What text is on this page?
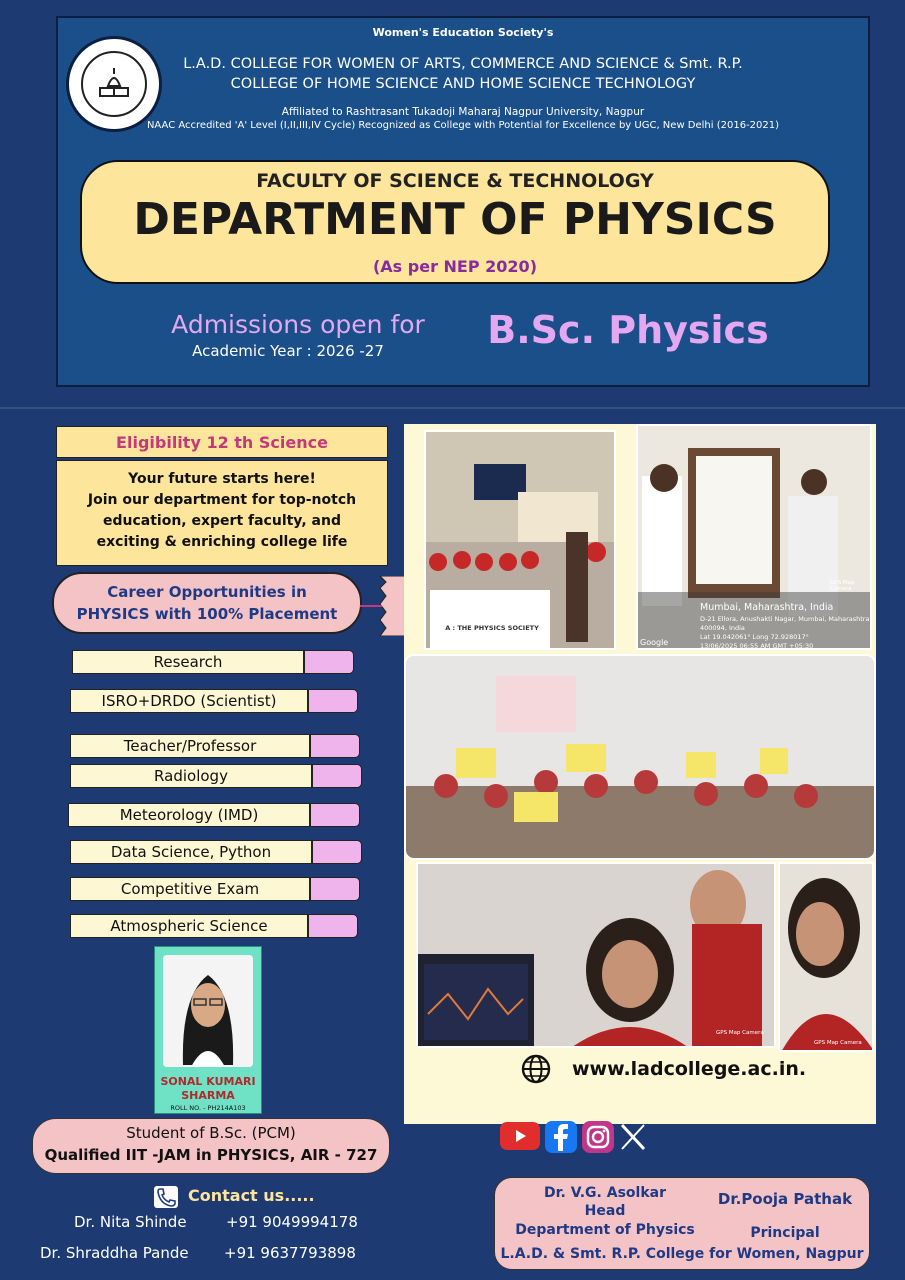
Women's Education Society's
L.A.D. COLLEGE FOR WOMEN OF ARTS, COMMERCE AND SCIENCE & Smt. R.P.
COLLEGE OF HOME SCIENCE AND HOME SCIENCE TECHNOLOGY
Affiliated to Rashtrasant Tukadoji Maharaj Nagpur University, Nagpur
NAAC Accredited 'A' Level (I,II,III,IV Cycle) Recognized as College with Potential for Excellence by UGC, New Delhi (2016-2021)
Admissions open for
Academic Year : 2026 -27	B.Sc. Physics
FACULTY OF SCIENCE & TECHNOLOGY
DEPARTMENT OF PHYSICS
(As per NEP 2020)
Eligibility 12 th Science
Your future starts here!
Join our department for top-notch
education, expert faculty, and
exciting & enriching college life
Career Opportunities in
PHYSICS with 100% Placement
Research
ISRO+DRDO (Scientist)
Teacher/Professor
Radiology
Meteorology (IMD)
Data Science, Python
Competitive Exam
Atmospheric Science
SONAL KUMARI
SHARMA
ROLL NO. - PH214A103
Student of B.Sc. (PCM)
Qualified IIT -JAM in PHYSICS, AIR - 727
A : THE PHYSICS SOCIETY
Mumbai, Maharashtra, India
D-21 Ellora, Anushakti Nagar, Mumbai, Maharashtra
400094, India
Lat 19.042061° Long 72.928017°
13/06/2025 06:55 AM GMT +05:30
GPS Map Camera
Google
GPS Map Camera
GPS Map Camera
www.ladcollege.ac.in.
Contact us.....
Dr. Nita Shinde	+91 9049994178
Dr. Shraddha Pande +91 9637793898
Dr. V.G. Asolkar
Head
Department of Physics
Dr.Pooja Pathak
Principal
L.A.D. & Smt. R.P. College for Women, Nagpur
